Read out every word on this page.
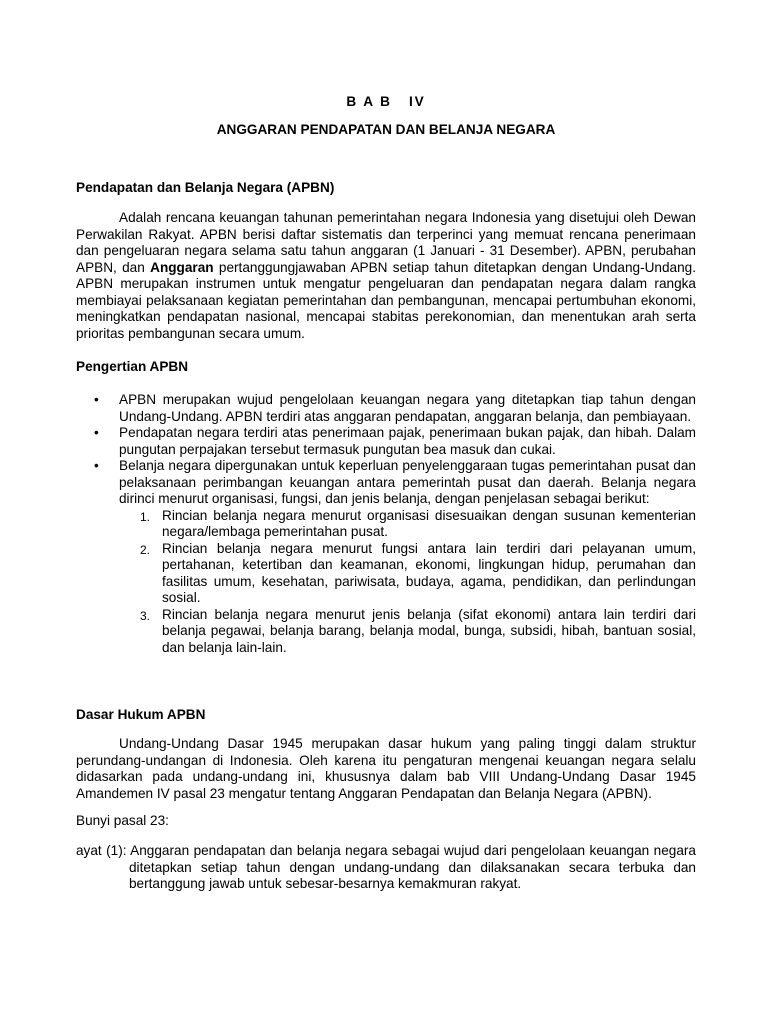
B A B   IV

ANGGARAN PENDAPATAN DAN BELANJA NEGARA

Pendapatan dan Belanja Negara (APBN)

Adalah rencana keuangan tahunan pemerintahan negara Indonesia yang disetujui oleh Dewan Perwakilan Rakyat. APBN berisi daftar sistematis dan terperinci yang memuat rencana penerimaan dan pengeluaran negara selama satu tahun anggaran (1 Januari - 31 Desember). APBN, perubahan APBN, dan Anggaran pertanggungjawaban APBN setiap tahun ditetapkan dengan Undang-Undang. APBN merupakan instrumen untuk mengatur pengeluaran dan pendapatan negara dalam rangka membiayai pelaksanaan kegiatan pemerintahan dan pembangunan, mencapai pertumbuhan ekonomi, meningkatkan pendapatan nasional, mencapai stabitas perekonomian, dan menentukan arah serta prioritas pembangunan secara umum.

Pengertian APBN

• APBN merupakan wujud pengelolaan keuangan negara yang ditetapkan tiap tahun dengan Undang-Undang. APBN terdiri atas anggaran pendapatan, anggaran belanja, dan pembiayaan.
• Pendapatan negara terdiri atas penerimaan pajak, penerimaan bukan pajak, dan hibah. Dalam pungutan perpajakan tersebut termasuk pungutan bea masuk dan cukai.
• Belanja negara dipergunakan untuk keperluan penyelenggaraan tugas pemerintahan pusat dan pelaksanaan perimbangan keuangan antara pemerintah pusat dan daerah. Belanja negara dirinci menurut organisasi, fungsi, dan jenis belanja, dengan penjelasan sebagai berikut:
1. Rincian belanja negara menurut organisasi disesuaikan dengan susunan kementerian negara/lembaga pemerintahan pusat.
2. Rincian belanja negara menurut fungsi antara lain terdiri dari pelayanan umum, pertahanan, ketertiban dan keamanan, ekonomi, lingkungan hidup, perumahan dan fasilitas umum, kesehatan, pariwisata, budaya, agama, pendidikan, dan perlindungan sosial.
3. Rincian belanja negara menurut jenis belanja (sifat ekonomi) antara lain terdiri dari belanja pegawai, belanja barang, belanja modal, bunga, subsidi, hibah, bantuan sosial, dan belanja lain-lain.

Dasar Hukum APBN

Undang-Undang Dasar 1945 merupakan dasar hukum yang paling tinggi dalam struktur perundang-undangan di Indonesia. Oleh karena itu pengaturan mengenai keuangan negara selalu didasarkan pada undang-undang ini, khususnya dalam bab VIII Undang-Undang Dasar 1945 Amandemen IV pasal 23 mengatur tentang Anggaran Pendapatan dan Belanja Negara (APBN).

Bunyi pasal 23:

ayat (1): Anggaran pendapatan dan belanja negara sebagai wujud dari pengelolaan keuangan negara ditetapkan setiap tahun dengan undang-undang dan dilaksanakan secara terbuka dan bertanggung jawab untuk sebesar-besarnya kemakmuran rakyat.
